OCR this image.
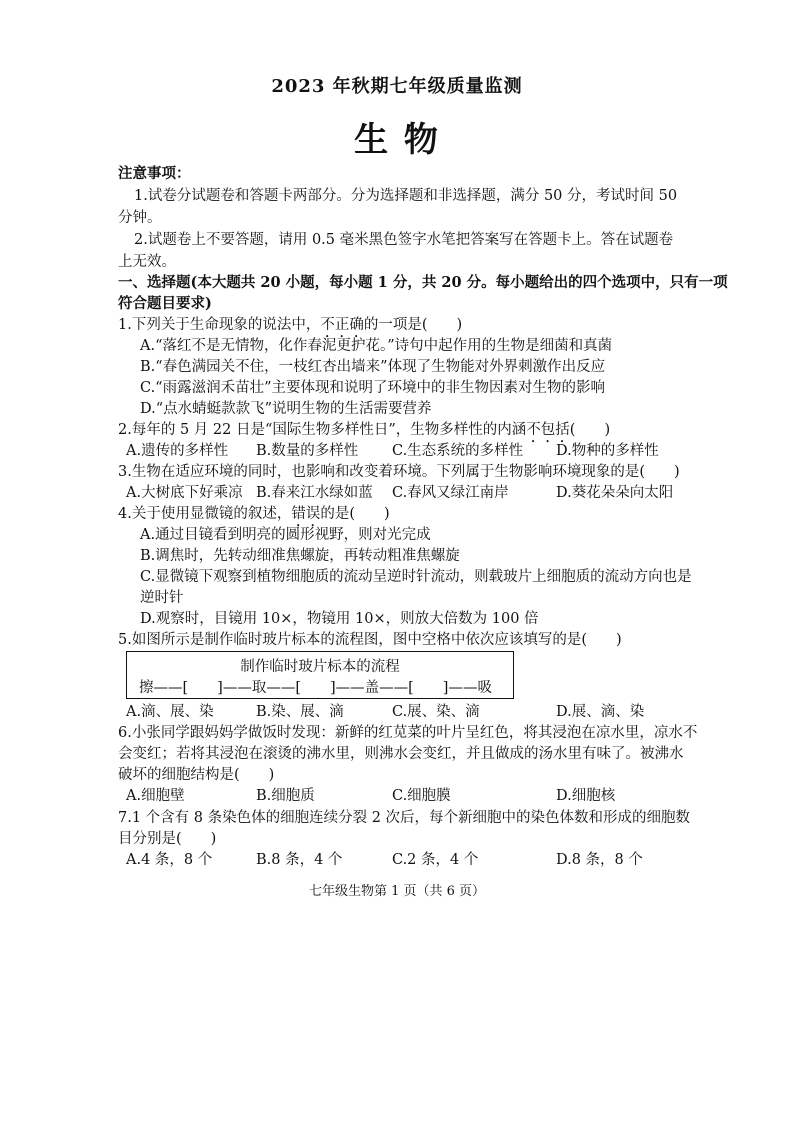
2023 年秋期七年级质量监测
生 物
注意事项：
1.试卷分试题卷和答题卡两部分。分为选择题和非选择题，满分 50 分，考试时间 50
分钟。
2.试题卷上不要答题，请用 0.5 毫米黑色签字水笔把答案写在答题卡上。答在试题卷
上无效。
一、选择题(本大题共 20 小题，每小题 1 分，共 20 分。每小题给出的四个选项中，只有一项
符合题目要求)
1.下列关于生命现象的说法中，不正确的一项是(　　)
A.“落红不是无情物，化作春泥更护花。”诗句中起作用的生物是细菌和真菌
B.“春色满园关不住，一枝红杏出墙来”体现了生物能对外界刺激作出反应
C.“雨露滋润禾苗壮”主要体现和说明了环境中的非生物因素对生物的影响
D.“点水蜻蜓款款飞”说明生物的生活需要营养
2.每年的 5 月 22 日是“国际生物多样性日”，生物多样性的内涵不包括(　　)
A.遗传的多样性 B.数量的多样性 C.生态系统的多样性 D.物种的多样性
3.生物在适应环境的同时，也影响和改变着环境。下列属于生物影响环境现象的是(　　)
A.大树底下好乘凉 B.春来江水绿如蓝 C.春风又绿江南岸	D.葵花朵朵向太阳
4.关于使用显微镜的叙述，错误的是(　　)
A.通过目镜看到明亮的圆形视野，则对光完成
B.调焦时，先转动细准焦螺旋，再转动粗准焦螺旋
C.显微镜下观察到植物细胞质的流动呈逆时针流动，则载玻片上细胞质的流动方向也是
逆时针
D.观察时，目镜用 10×，物镜用 10×，则放大倍数为 100 倍
5.如图所示是制作临时玻片标本的流程图，图中空格中依次应该填写的是(　　)
制作临时玻片标本的流程
擦——[　　]——取——[　　]——盖——[　　]——吸
A.滴、展、染	B.染、展、滴	C.展、染、滴	D.展、滴、染
6.小张同学跟妈妈学做饭时发现：新鲜的红苋菜的叶片呈红色，将其浸泡在凉水里，凉水不
会变红；若将其浸泡在滚烫的沸水里，则沸水会变红，并且做成的汤水里有味了。被沸水
破坏的细胞结构是(　　)
A.细胞壁	B.细胞质	C.细胞膜	D.细胞核
7.1 个含有 8 条染色体的细胞连续分裂 2 次后，每个新细胞中的染色体数和形成的细胞数
目分别是(　　)
A.4 条，8 个	B.8 条，4 个	C.2 条，4 个	D.8 条，8 个
七年级生物第 1 页（共 6 页）
